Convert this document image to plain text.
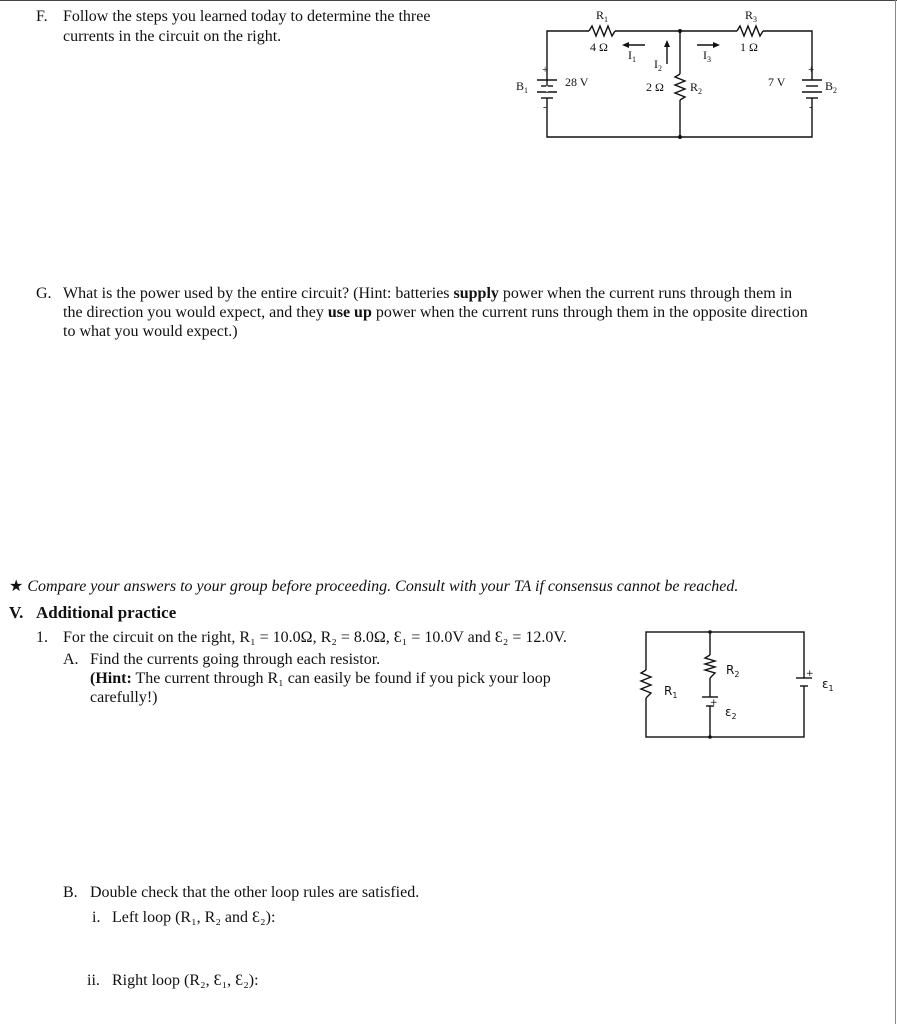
F. Follow the steps you learned today to determine the three
currents in the circuit on the right.
$R_1$
4 Ω
$R_3$
1 Ω
2 Ω $R_2$
$I_1$ $I_2$
$I_3$
$B_1$
28 V
+
-
7 V	$B_2$
+
-
G. What is the power used by the entire circuit? (Hint: batteries supply power when the current runs through them in
the direction you would expect, and they use up power when the current runs through them in the opposite direction
to what you would expect.)
★ Compare your answers to your group before proceeding. Consult with your TA if consensus cannot be reached.
V. Additional practice
1. For the circuit on the right, R₁ = 10.0Ω, R₂ = 8.0Ω, Ɛ₁ = 10.0V and Ɛ₂ = 12.0V.
A. Find the currents going through each resistor.
(Hint: The current through R₁ can easily be found if you pick your loop
carefully!)	$R_1$
$R_2$
$\varepsilon_2$
$\varepsilon_1$
+
+
B. Double check that the other loop rules are satisfied.
i. Left loop (R₁, R₂ and Ɛ₂):
ii. Right loop (R₂, Ɛ₁, Ɛ₂):
